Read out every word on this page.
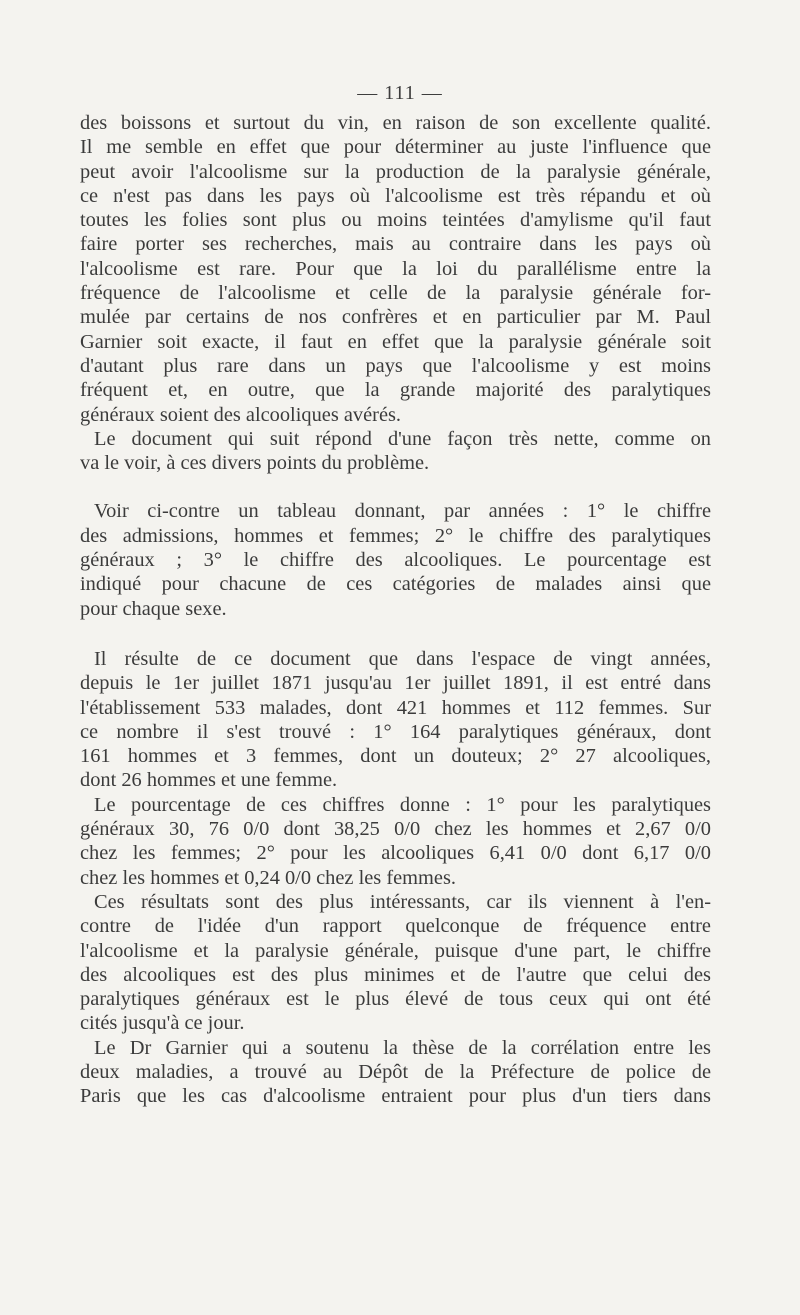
— 111 —
des boissons et surtout du vin, en raison de son excellente qualité.
Il me semble en effet que pour déterminer au juste l'influence que
peut avoir l'alcoolisme sur la production de la paralysie générale,
ce n'est pas dans les pays où l'alcoolisme est très répandu et où
toutes les folies sont plus ou moins teintées d'amylisme qu'il faut
faire porter ses recherches, mais au contraire dans les pays où
l'alcoolisme est rare. Pour que la loi du parallélisme entre la
fréquence de l'alcoolisme et celle de la paralysie générale for-
mulée par certains de nos confrères et en particulier par M. Paul
Garnier soit exacte, il faut en effet que la paralysie générale soit
d'autant plus rare dans un pays que l'alcoolisme y est moins
fréquent et, en outre, que la grande majorité des paralytiques
généraux soient des alcooliques avérés.
Le document qui suit répond d'une façon très nette, comme on
va le voir, à ces divers points du problème.
Voir ci-contre un tableau donnant, par années : 1° le chiffre
des admissions, hommes et femmes; 2° le chiffre des paralytiques
généraux ; 3° le chiffre des alcooliques. Le pourcentage est
indiqué pour chacune de ces catégories de malades ainsi que
pour chaque sexe.
Il résulte de ce document que dans l'espace de vingt années,
depuis le 1er juillet 1871 jusqu'au 1er juillet 1891, il est entré dans
l'établissement 533 malades, dont 421 hommes et 112 femmes. Sur
ce nombre il s'est trouvé : 1° 164 paralytiques généraux, dont
161 hommes et 3 femmes, dont un douteux; 2° 27 alcooliques,
dont 26 hommes et une femme.
Le pourcentage de ces chiffres donne : 1° pour les paralytiques
généraux 30, 76 0/0 dont 38,25 0/0 chez les hommes et 2,67 0/0
chez les femmes; 2° pour les alcooliques 6,41 0/0 dont 6,17 0/0
chez les hommes et 0,24 0/0 chez les femmes.
Ces résultats sont des plus intéressants, car ils viennent à l'en-
contre de l'idée d'un rapport quelconque de fréquence entre
l'alcoolisme et la paralysie générale, puisque d'une part, le chiffre
des alcooliques est des plus minimes et de l'autre que celui des
paralytiques généraux est le plus élevé de tous ceux qui ont été
cités jusqu'à ce jour.
Le Dr Garnier qui a soutenu la thèse de la corrélation entre les
deux maladies, a trouvé au Dépôt de la Préfecture de police de
Paris que les cas d'alcoolisme entraient pour plus d'un tiers dans
